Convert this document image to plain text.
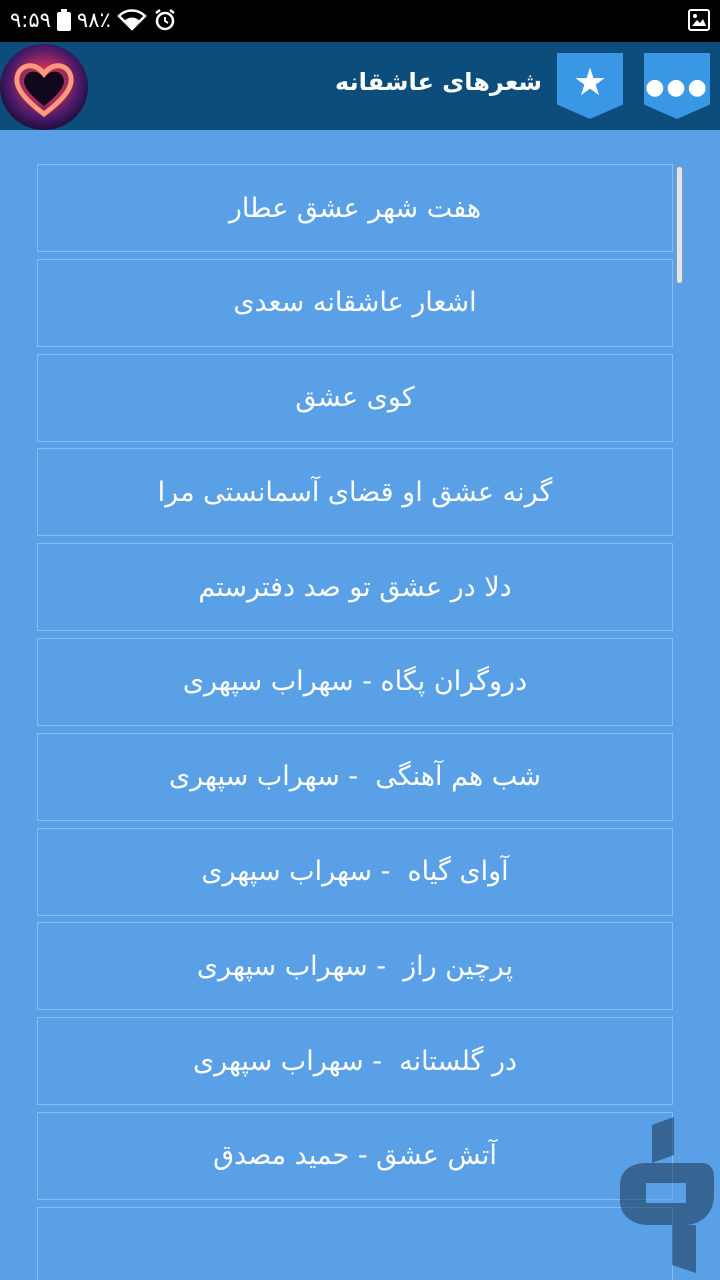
۹:۵۹ ۹۸٪
●●●
★
شعرهای عاشقانه
هفت شهر عشق عطار
اشعار عاشقانه سعدی
کوی عشق
گرنه عشق او قضای آسمانستی مرا
دلا در عشق تو صد دفترستم
دروگران پگاه - سهراب سپهری
شب هم آهنگی  - سهراب سپهری
آوای گیاه  - سهراب سپهری
پرچین راز  - سهراب سپهری
در گلستانه  - سهراب سپهری
آتش عشق - حمید مصدق
